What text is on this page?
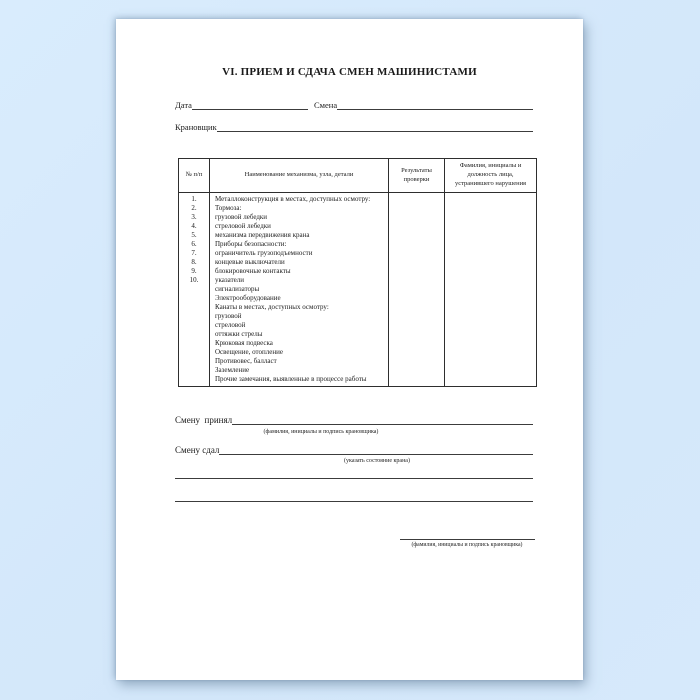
VI. ПРИЕМ И СДАЧА СМЕН МАШИНИСТАМИ
Дата	Смена
Крановщик
№ п/п	Наименование механизма, узла, детали
Результаты проверки
Фамилия, инициалы и должность лица, устранившего нарушения
1.
2.
3.
4.
5.
6.
7.
8.
9.
10.
Металлоконструкция в местах, доступных осмотру:
Тормоза:
грузовой лебедки
стреловой лебедки
механизма передвижения крана
Приборы безопасности:
ограничитель грузоподъемности
концевые выключатели
блокировочные контакты
указатели
сигнализаторы
Электрооборудование
Канаты в местах, доступных осмотру:
грузовой
стреловой
оттяжки стрелы
Крюковая подвеска
Освещение, отопление
Противовес, балласт
Заземление
Прочие замечания, выявленные в процессе работы
Смену  принял
(фамилия, инициалы и подпись крановщика)
Смену сдал
(указать состояние крана)
(фамилия, инициалы и подпись крановщика)
